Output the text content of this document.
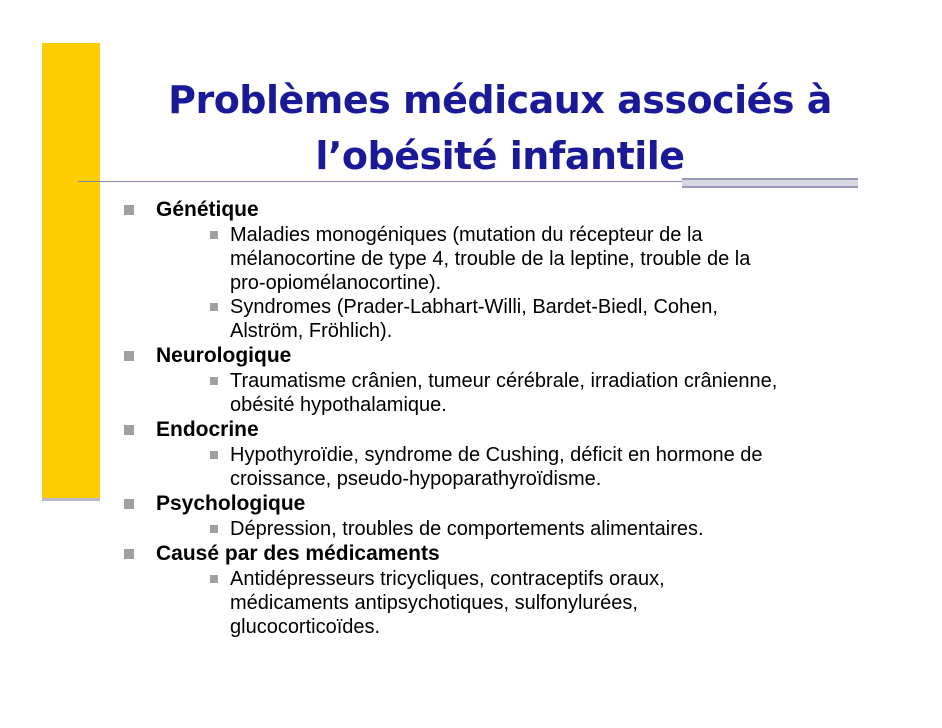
Problèmes médicaux associés à
l’obésité infantile
Génétique
Maladies monogéniques (mutation du récepteur de la
mélanocortine de type 4, trouble de la leptine, trouble de la
pro-opiomélanocortine).
Syndromes (Prader-Labhart-Willi, Bardet-Biedl, Cohen,
Alström, Fröhlich).
Neurologique
Traumatisme crânien, tumeur cérébrale, irradiation crânienne,
obésité hypothalamique.
Endocrine
Hypothyroïdie, syndrome de Cushing, déficit en hormone de
croissance, pseudo-hypoparathyroïdisme.
Psychologique
Dépression, troubles de comportements alimentaires.
Causé par des médicaments
Antidépresseurs tricycliques, contraceptifs oraux,
médicaments antipsychotiques, sulfonylurées,
glucocorticoïdes.
